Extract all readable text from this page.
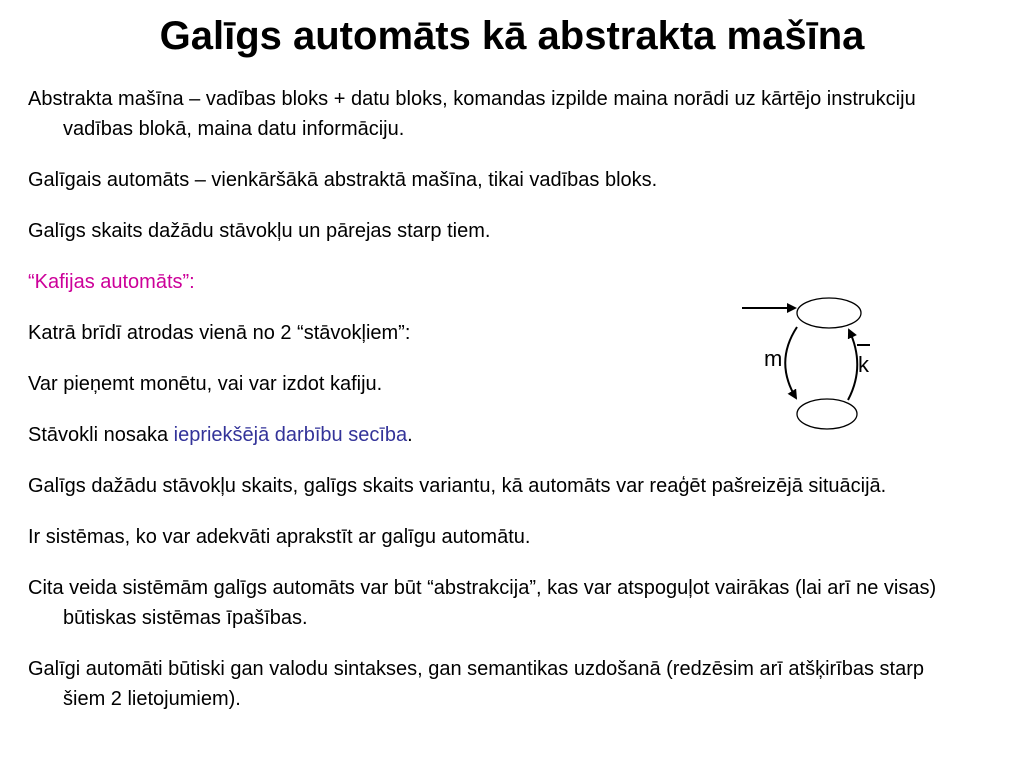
Galīgs automāts kā abstrakta mašīna
Abstrakta mašīna – vadības bloks + datu bloks, komandas izpilde maina norādi uz kārtējo instrukciju vadības blokā, maina datu informāciju.
Galīgais automāts – vienkāršākā abstraktā mašīna, tikai vadības bloks.
Galīgs skaits dažādu stāvokļu un pārejas starp tiem.
“Kafijas automāts”:
Katrā brīdī atrodas vienā no 2 “stāvokļiem”:
Var pieņemt monētu, vai var izdot kafiju.
Stāvokli nosaka iepriekšējā darbību secība.
Galīgs dažādu stāvokļu skaits, galīgs skaits variantu, kā automāts var reaģēt pašreizējā situācijā.
Ir sistēmas, ko var adekvāti aprakstīt ar galīgu automātu.
Cita veida sistēmām galīgs automāts var būt “abstrakcija”, kas var atspoguļot vairākas (lai arī ne visas) būtiskas sistēmas īpašības.
Galīgi automāti būtiski gan valodu sintakses, gan semantikas uzdošanā (redzēsim arī atšķirības starp šiem 2 lietojumiem).
m	k
